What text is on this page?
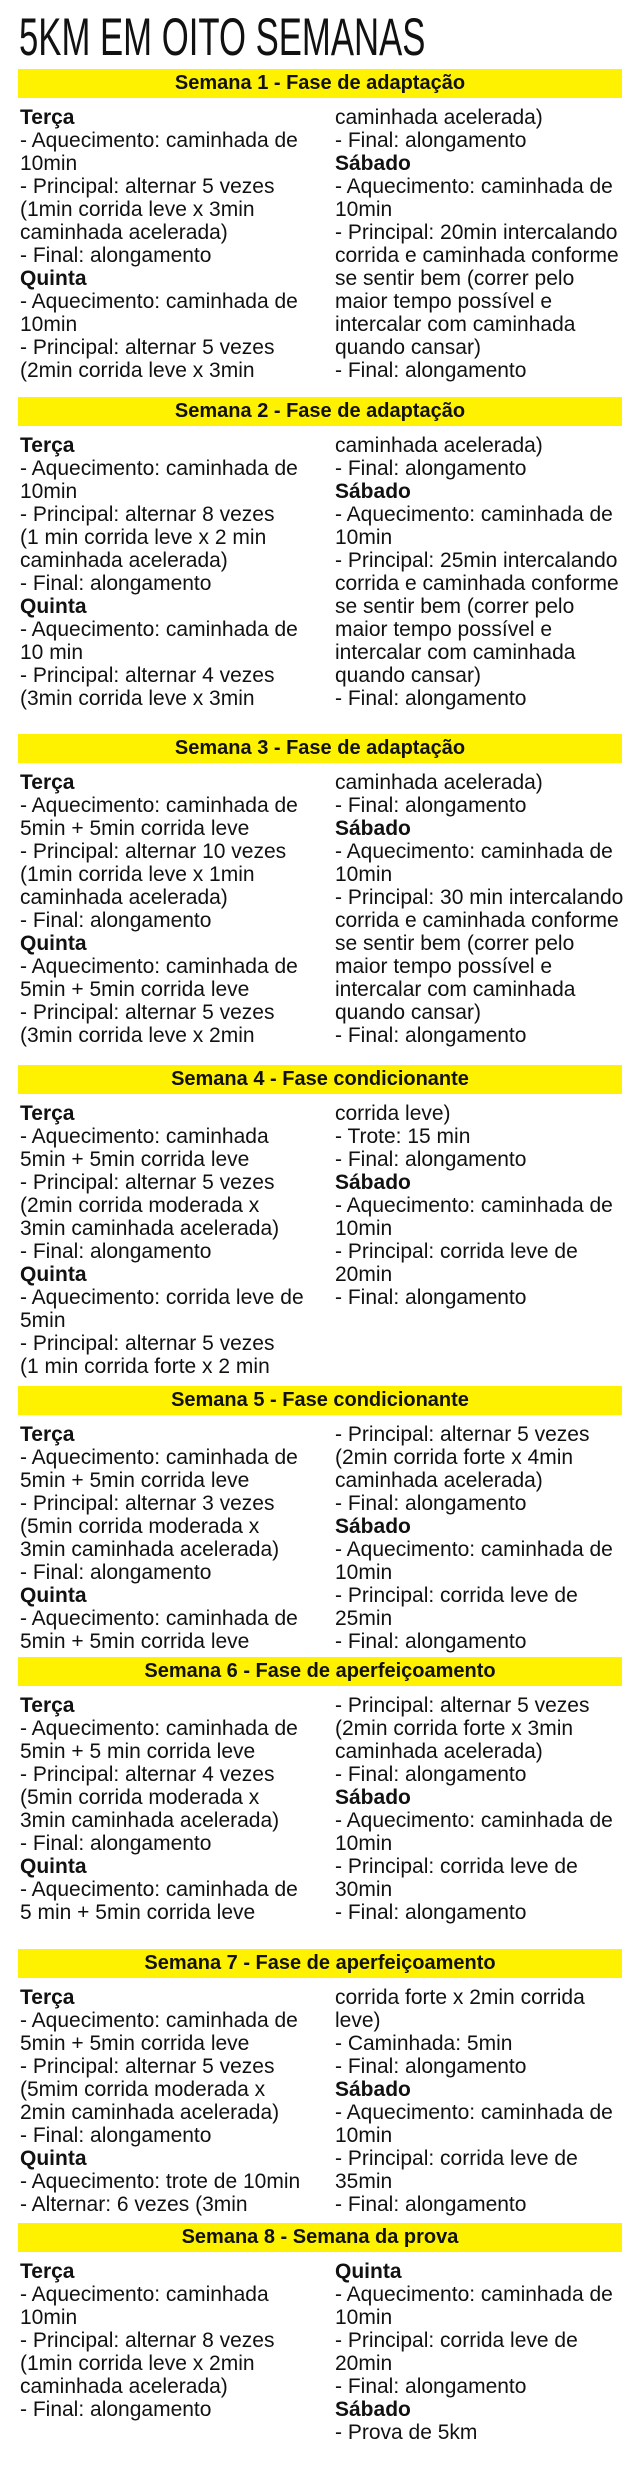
5KM EM OITO SEMANAS
Semana 1 - Fase de adaptação
Terça
- Aquecimento: caminhada de
10min
- Principal: alternar 5 vezes
(1min corrida leve x 3min
caminhada acelerada)
- Final: alongamento
Quinta
- Aquecimento: caminhada de
10min
- Principal: alternar 5 vezes
(2min corrida leve x 3min
caminhada acelerada)
- Final: alongamento
Sábado
- Aquecimento: caminhada de
10min
- Principal: 20min intercalando
corrida e caminhada conforme
se sentir bem (correr pelo
maior tempo possível e
intercalar com caminhada
quando cansar)
- Final: alongamento
Semana 2 - Fase de adaptação
Terça
- Aquecimento: caminhada de
10min
- Principal: alternar 8 vezes
(1 min corrida leve x 2 min
caminhada acelerada)
- Final: alongamento
Quinta
- Aquecimento: caminhada de
10 min
- Principal: alternar 4 vezes
(3min corrida leve x 3min
caminhada acelerada)
- Final: alongamento
Sábado
- Aquecimento: caminhada de
10min
- Principal: 25min intercalando
corrida e caminhada conforme
se sentir bem (correr pelo
maior tempo possível e
intercalar com caminhada
quando cansar)
- Final: alongamento
Semana 3 - Fase de adaptação
Terça
- Aquecimento: caminhada de
5min + 5min corrida leve
- Principal: alternar 10 vezes
(1min corrida leve x 1min
caminhada acelerada)
- Final: alongamento
Quinta
- Aquecimento: caminhada de
5min + 5min corrida leve
- Principal: alternar 5 vezes
(3min corrida leve x 2min
caminhada acelerada)
- Final: alongamento
Sábado
- Aquecimento: caminhada de
10min
- Principal: 30 min intercalando
corrida e caminhada conforme
se sentir bem (correr pelo
maior tempo possível e
intercalar com caminhada
quando cansar)
- Final: alongamento
Semana 4 - Fase condicionante
Terça
- Aquecimento: caminhada
5min + 5min corrida leve
- Principal: alternar 5 vezes
(2min corrida moderada x
3min caminhada acelerada)
- Final: alongamento
Quinta
- Aquecimento: corrida leve de
5min
- Principal: alternar 5 vezes
(1 min corrida forte x 2 min
corrida leve)
- Trote: 15 min
- Final: alongamento
Sábado
- Aquecimento: caminhada de
10min
- Principal: corrida leve de
20min
- Final: alongamento
Semana 5 - Fase condicionante
Terça
- Aquecimento: caminhada de
5min + 5min corrida leve
- Principal: alternar 3 vezes
(5min corrida moderada x
3min caminhada acelerada)
- Final: alongamento
Quinta
- Aquecimento: caminhada de
5min + 5min corrida leve
- Principal: alternar 5 vezes
(2min corrida forte x 4min
caminhada acelerada)
- Final: alongamento
Sábado
- Aquecimento: caminhada de
10min
- Principal: corrida leve de
25min
- Final: alongamento
Semana 6 - Fase de aperfeiçoamento
Terça
- Aquecimento: caminhada de
5min + 5 min corrida leve
- Principal: alternar 4 vezes
(5min corrida moderada x
3min caminhada acelerada)
- Final: alongamento
Quinta
- Aquecimento: caminhada de
5 min + 5min corrida leve
- Principal: alternar 5 vezes
(2min corrida forte x 3min
caminhada acelerada)
- Final: alongamento
Sábado
- Aquecimento: caminhada de
10min
- Principal: corrida leve de
30min
- Final: alongamento
Semana 7 - Fase de aperfeiçoamento
Terça
- Aquecimento: caminhada de
5min + 5min corrida leve
- Principal: alternar 5 vezes
(5mim corrida moderada x
2min caminhada acelerada)
- Final: alongamento
Quinta
- Aquecimento: trote de 10min
- Alternar: 6 vezes (3min
corrida forte x 2min corrida
leve)
- Caminhada: 5min
- Final: alongamento
Sábado
- Aquecimento: caminhada de
10min
- Principal: corrida leve de
35min
- Final: alongamento
Semana 8 - Semana da prova
Terça
- Aquecimento: caminhada
10min
- Principal: alternar 8 vezes
(1min corrida leve x 2min
caminhada acelerada)
- Final: alongamento
Quinta
- Aquecimento: caminhada de
10min
- Principal: corrida leve de
20min
- Final: alongamento
Sábado
- Prova de 5km
